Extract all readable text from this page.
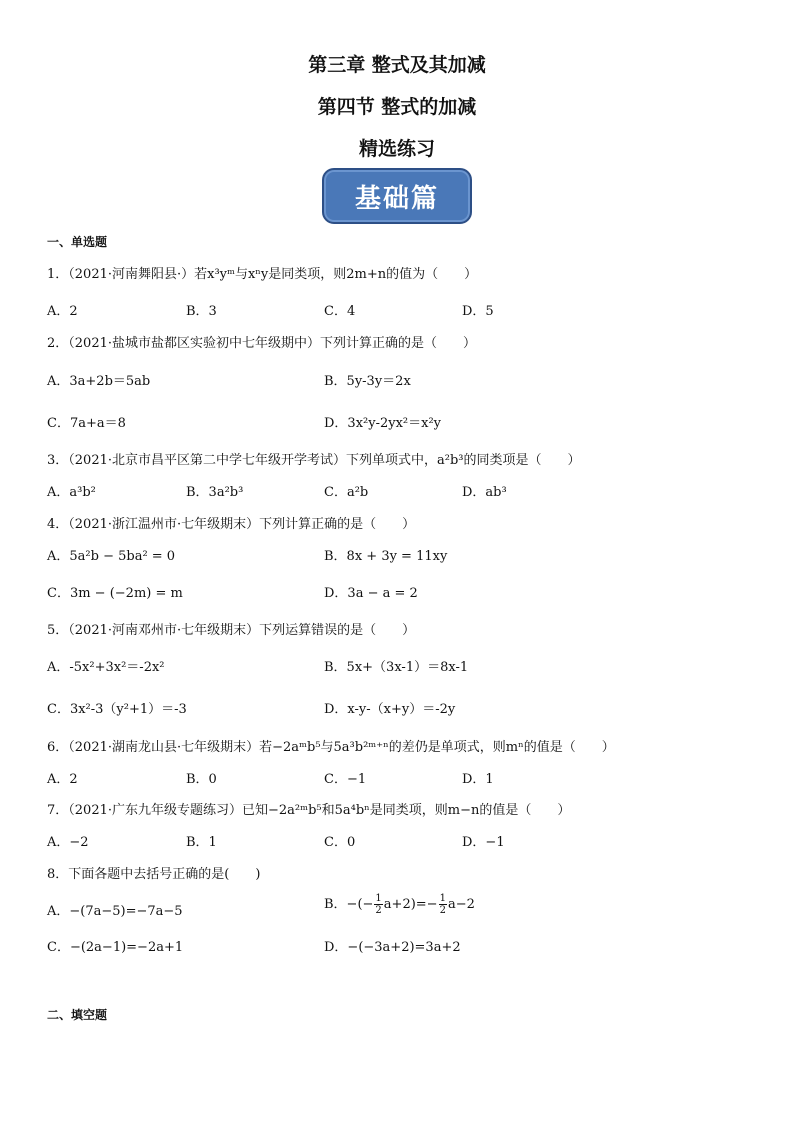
第三章 整式及其加减
第四节 整式的加减
精选练习
基础篇
一、单选题
1．（2021·河南舞阳县·）若x³yᵐ与xⁿy是同类项，则2m+n的值为（　　）
A．2	B．3	C．4	D．5
2．（2021·盐城市盐都区实验初中七年级期中）下列计算正确的是（　　）
A．3a+2b＝5ab	B．5y-3y＝2x
C．7a+a＝8	D．3x²y-2yx²＝x²y
3．（2021·北京市昌平区第二中学七年级开学考试）下列单项式中，a²b³的同类项是（　　）
A．a³b²	B．3a²b³	C．a²b	D．ab³
4．（2021·浙江温州市·七年级期末）下列计算正确的是（　　）
A．5a²b − 5ba² = 0	B．8x + 3y = 11xy
C．3m − (−2m) = m	D．3a − a = 2
5．（2021·河南邓州市·七年级期末）下列运算错误的是（　　）
A．-5x²+3x²＝-2x²	B．5x+（3x-1）＝8x-1
C．3x²-3（y²+1）＝-3	D．x-y-（x+y）＝-2y
6．（2021·湖南龙山县·七年级期末）若−2aᵐb⁵与5a³b²ᵐ⁺ⁿ的差仍是单项式，则mⁿ的值是（　　）
A．2	B．0	C．−1	D．1
7．（2021·广东九年级专题练习）已知−2a²ᵐb⁵和5a⁴bⁿ是同类项，则m−n的值是（　　）
A．−2	B．1	C．0	D．−1
8．下面各题中去括号正确的是(　　)
A．−(7a−5)=−7a−5	B．−(− $\frac{1}{2} a+2)=- \frac{1}{2} a-2$
C．−(2a−1)=−2a+1	D．−(−3a+2)=3a+2
二、填空题
